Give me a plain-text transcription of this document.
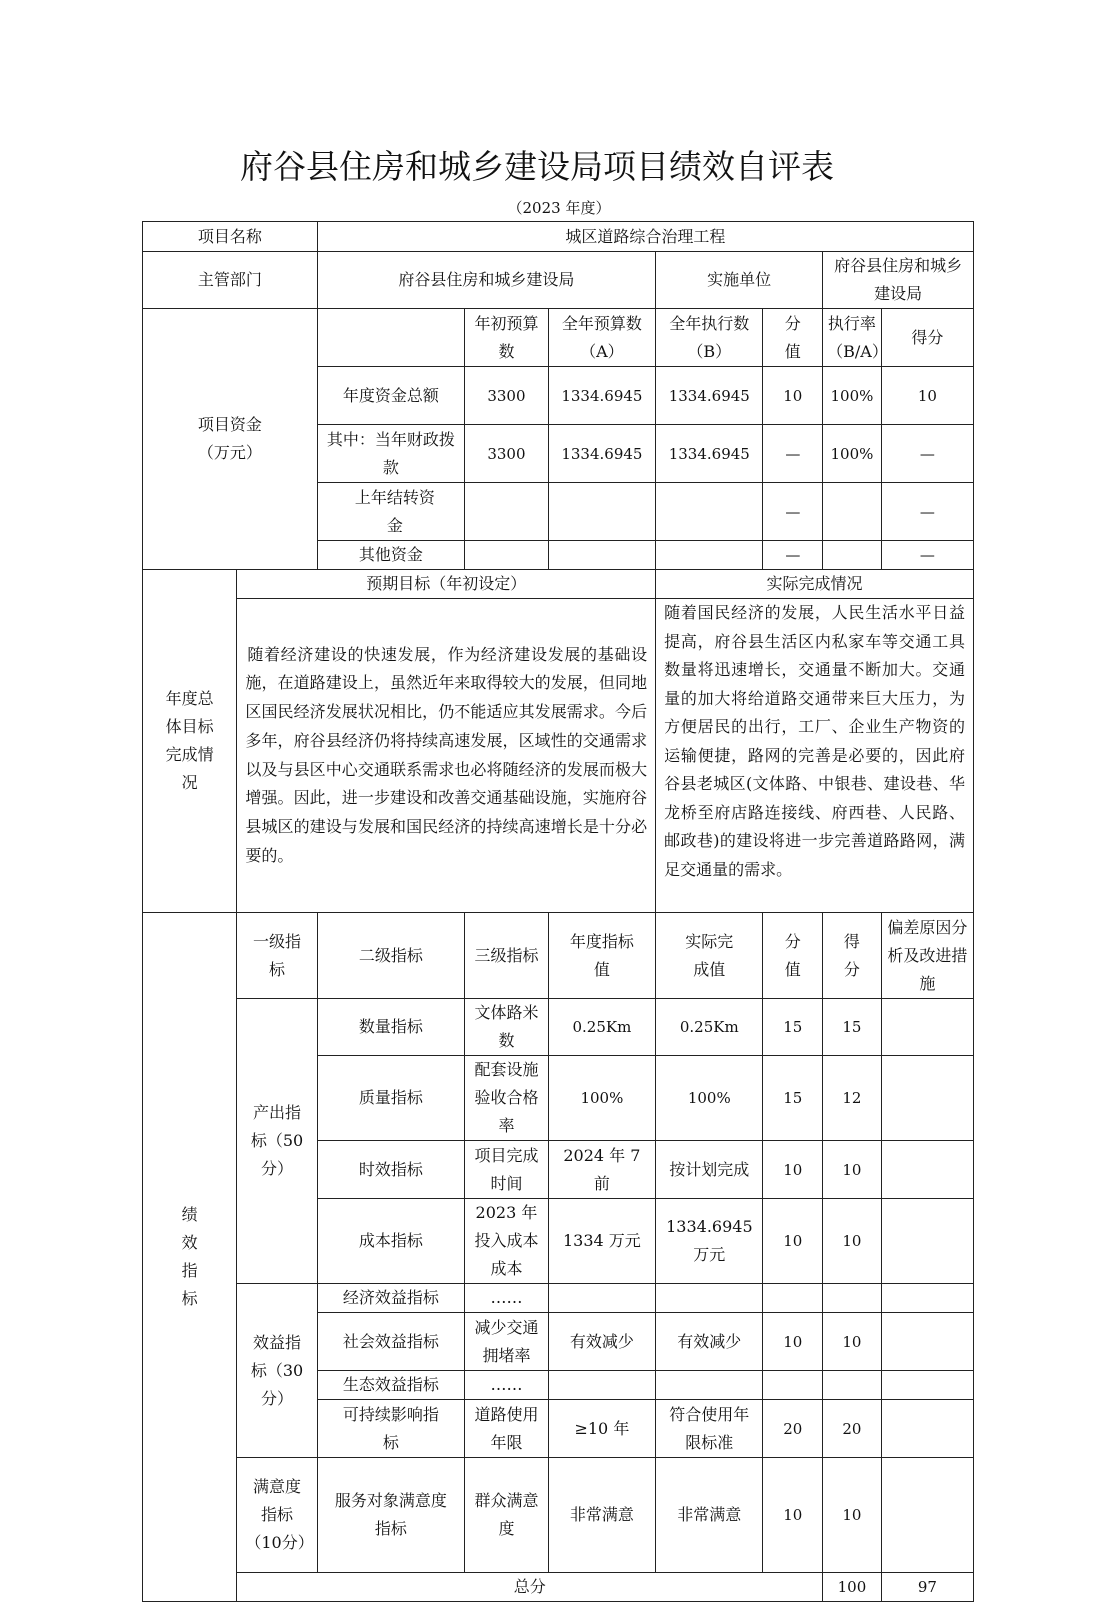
府谷县住房和城乡建设局项目绩效自评表
（2023 年度）
项目名称		城区道路综合治理工程							
主管部门		府谷县住房和城乡建设局			实施单位		府谷县住房和城乡建设局		
项目资金（万元）			年初预算数	全年预算数（A）	全年执行数（B）	分值	执行率（B/A）	得分	
		年度资金总额	3300	1334.6945	1334.6945	10	100%	10	
		其中：当年财政拨款	3300	1334.6945	1334.6945	—	100%	—	
		上年结转资金				—		—	
		其他资金				—		—	
年度总体目标完成情况	预期目标（年初设定）				实际完成情况				

	随着经济建设的快速发展，作为经济建设发展的基础设施，在道路建设上，虽然近年来取得较大的发展，但同地区国民经济发展状况相比，仍不能适应其发展需求。今后多年，府谷县经济仍将持续高速发展，区域性的交通需求以及与县区中心交通联系需求也必将随经济的发展而极大增强。因此，进一步建设和改善交通基础设施，实施府谷县城区的建设与发展和国民经济的持续高速增长是十分必要的。				随着国民经济的发展，人民生活水平日益提高，府谷县生活区内私家车等交通工具数量将迅速增长，交通量不断加大。交通量的加大将给道路交通带来巨大压力，为方便居民的出行，工厂、企业生产物资的运输便捷，路网的完善是必要的，因此府谷县老城区(文体路、中银巷、建设巷、华龙桥至府店路连接线、府西巷、人民路、邮政巷)的建设将进一步完善道路路网，满足交通量的需求。				

绩效指标	一级指标	二级指标	三级指标	年度指标值	实际完成值	分值	得分	偏差原因分析及改进措施	
	产出指标（50分）	数量指标	文体路米数	0.25Km	0.25Km	15	15		
		质量指标	配套设施验收合格率	100%	100%	15	12		
		时效指标	项目完成时间	2024 年 7 前	按计划完成	10	10		
		成本指标	2023 年投入成本成本	1334 万元	1334.6945 万元	10	10		
	效益指标（30分）	经济效益指标	……						
		社会效益指标	减少交通拥堵率	有效减少	有效减少	10	10		
		生态效益指标	……						
		可持续影响指标	道路使用年限	≥10 年	符合使用年限标准	20	20		
	满意度指标（10分）	服务对象满意度指标	群众满意度	非常满意	非常满意	10	10		
	总分						100	97	
